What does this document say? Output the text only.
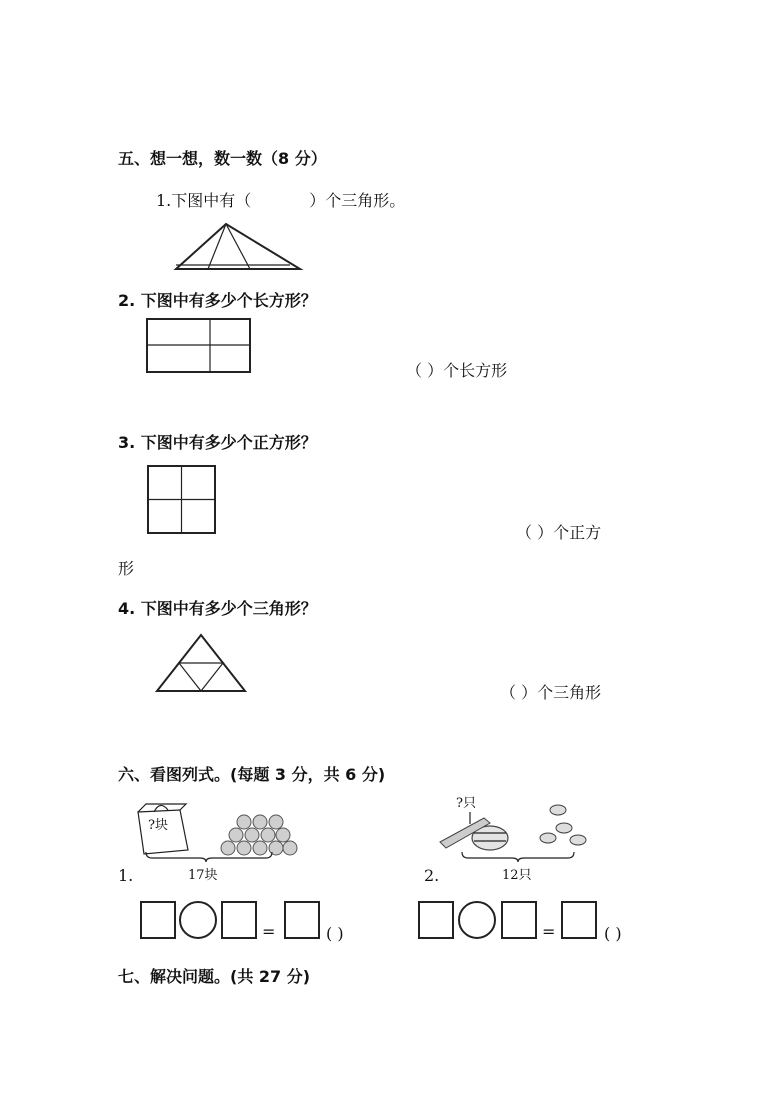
五、想一想，数一数（8 分）
1.下图中有（	）个三角形。
2. 下图中有多少个长方形？
（ ）个长方形
3. 下图中有多少个正方形？
（ ）个正方
形
4. 下图中有多少个三角形？
（ ）个三角形
六、看图列式。(每题 3 分，共 6 分)
?块
17块
1.
?只
12只
2.
=	( )	=	( )
七、解决问题。(共 27 分)
